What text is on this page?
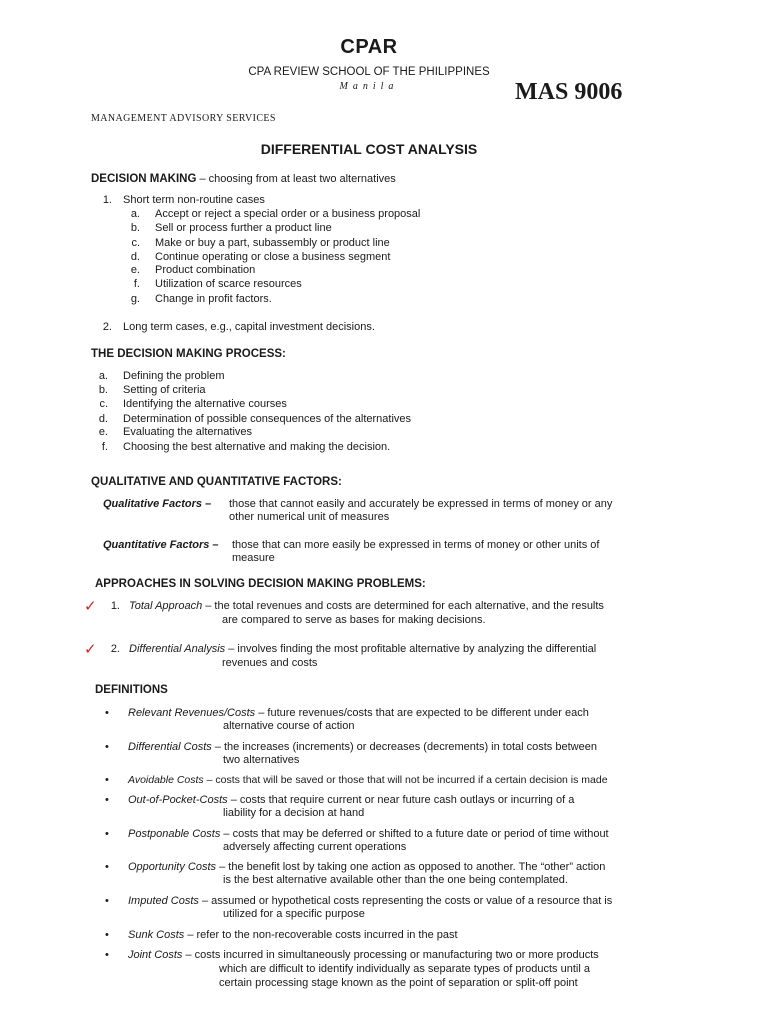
CPAR
CPA REVIEW SCHOOL OF THE PHILIPPINES
Manila	MAS 9006
MANAGEMENT ADVISORY SERVICES
DIFFERENTIAL COST ANALYSIS
DECISION MAKING – choosing from at least two alternatives
1. Short term non-routine cases
a. Accept or reject a special order or a business proposal
b. Sell or process further a product line
c. Make or buy a part, subassembly or product line
d. Continue operating or close a business segment
e. Product combination
f. Utilization of scarce resources
g. Change in profit factors.
2. Long term cases, e.g., capital investment decisions.
THE DECISION MAKING PROCESS:
a. Defining the problem
b. Setting of criteria
c. Identifying the alternative courses
d. Determination of possible consequences of the alternatives
e. Evaluating the alternatives
f. Choosing the best alternative and making the decision.
QUALITATIVE AND QUANTITATIVE FACTORS:
Qualitative Factors – those that cannot easily and accurately be expressed in terms of money or any
other numerical unit of measures
Quantitative Factors – those that can more easily be expressed in terms of money or other units of
measure
APPROACHES IN SOLVING DECISION MAKING PROBLEMS:
✓	1. Total Approach – the total revenues and costs are determined for each alternative, and the results
are compared to serve as bases for making decisions.
✓	2. Differential Analysis – involves finding the most profitable alternative by analyzing the differential
revenues and costs
DEFINITIONS
• Relevant Revenues/Costs – future revenues/costs that are expected to be different under each
alternative course of action
• Differential Costs – the increases (increments) or decreases (decrements) in total costs between
two alternatives
• Avoidable Costs – costs that will be saved or those that will not be incurred if a certain decision is made
• Out-of-Pocket-Costs – costs that require current or near future cash outlays or incurring of a
liability for a decision at hand
• Postponable Costs – costs that may be deferred or shifted to a future date or period of time without
adversely affecting current operations
• Opportunity Costs – the benefit lost by taking one action as opposed to another. The “other” action
is the best alternative available other than the one being contemplated.
• Imputed Costs – assumed or hypothetical costs representing the costs or value of a resource that is
utilized for a specific purpose
• Sunk Costs – refer to the non-recoverable costs incurred in the past
• Joint Costs – costs incurred in simultaneously processing or manufacturing two or more products
which are difficult to identify individually as separate types of products until a
certain processing stage known as the point of separation or split-off point
